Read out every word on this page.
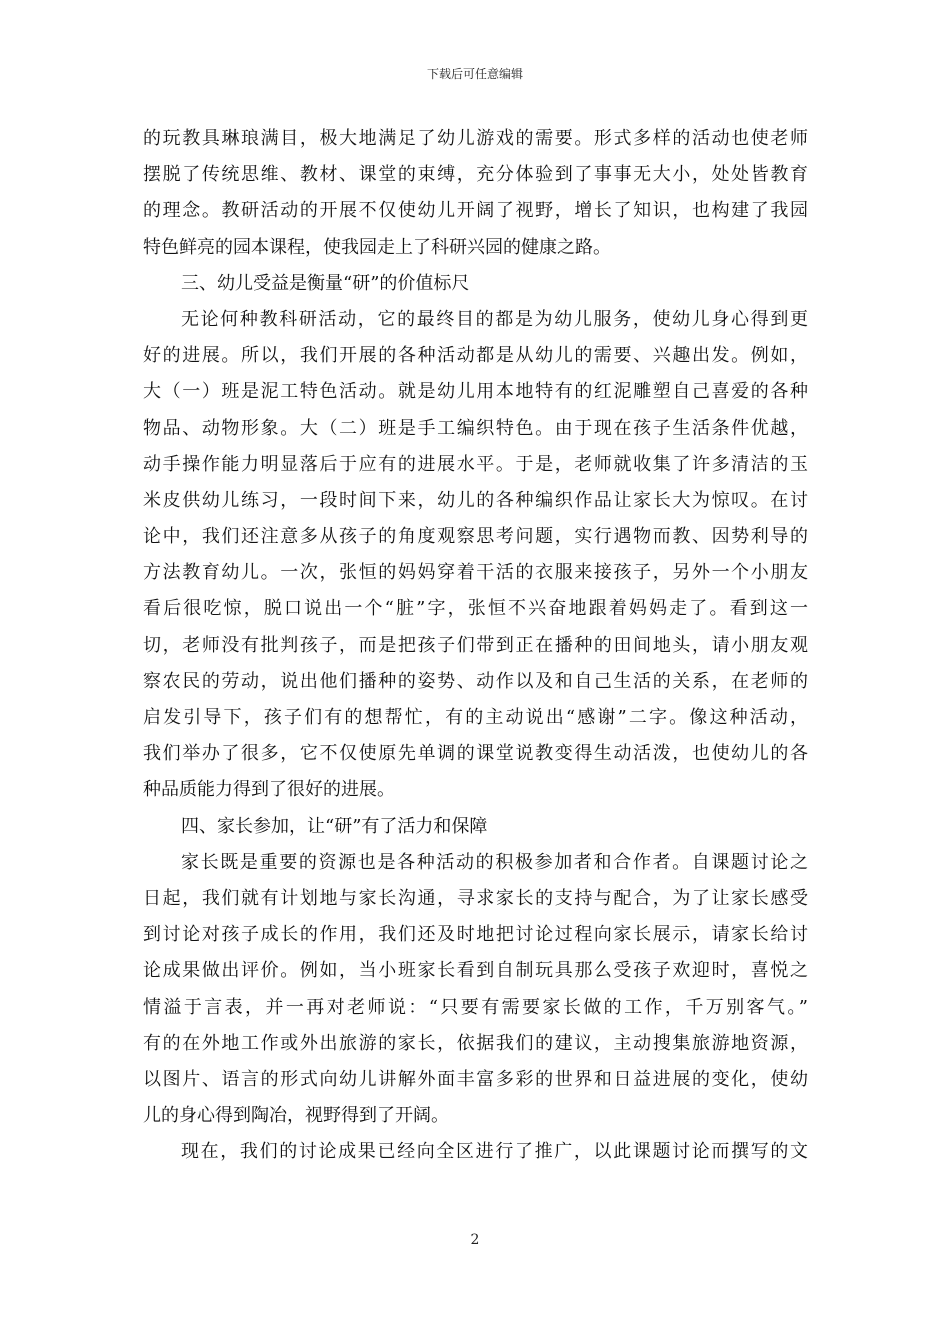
下载后可任意编辑
的玩教具琳琅满目，极大地满足了幼儿游戏的需要。形式多样的活动也使老师
摆脱了传统思维、教材、课堂的束缚，充分体验到了事事无大小，处处皆教育
的理念。教研活动的开展不仅使幼儿开阔了视野，增长了知识，也构建了我园
特色鲜亮的园本课程，使我园走上了科研兴园的健康之路。
三、幼儿受益是衡量“研”的价值标尺
无论何种教科研活动，它的最终目的都是为幼儿服务，使幼儿身心得到更
好的进展。所以，我们开展的各种活动都是从幼儿的需要、兴趣出发。例如，
大（一）班是泥工特色活动。就是幼儿用本地特有的红泥雕塑自己喜爱的各种
物品、动物形象。大（二）班是手工编织特色。由于现在孩子生活条件优越，
动手操作能力明显落后于应有的进展水平。于是，老师就收集了许多清洁的玉
米皮供幼儿练习，一段时间下来，幼儿的各种编织作品让家长大为惊叹。在讨
论中，我们还注意多从孩子的角度观察思考问题，实行遇物而教、因势利导的
方法教育幼儿。一次，张恒的妈妈穿着干活的衣服来接孩子，另外一个小朋友
看后很吃惊，脱口说出一个“脏”字，张恒不兴奋地跟着妈妈走了。看到这一
切，老师没有批判孩子，而是把孩子们带到正在播种的田间地头，请小朋友观
察农民的劳动，说出他们播种的姿势、动作以及和自己生活的关系，在老师的
启发引导下，孩子们有的想帮忙，有的主动说出“感谢”二字。像这种活动，
我们举办了很多，它不仅使原先单调的课堂说教变得生动活泼，也使幼儿的各
种品质能力得到了很好的进展。
四、家长参加，让“研”有了活力和保障
家长既是重要的资源也是各种活动的积极参加者和合作者。自课题讨论之
日起，我们就有计划地与家长沟通，寻求家长的支持与配合，为了让家长感受
到讨论对孩子成长的作用，我们还及时地把讨论过程向家长展示，请家长给讨
论成果做出评价。例如，当小班家长看到自制玩具那么受孩子欢迎时，喜悦之
情溢于言表，并一再对老师说：“只要有需要家长做的工作，千万别客气。”
有的在外地工作或外出旅游的家长，依据我们的建议，主动搜集旅游地资源，
以图片、语言的形式向幼儿讲解外面丰富多彩的世界和日益进展的变化，使幼
儿的身心得到陶冶，视野得到了开阔。
现在，我们的讨论成果已经向全区进行了推广，以此课题讨论而撰写的文
2
